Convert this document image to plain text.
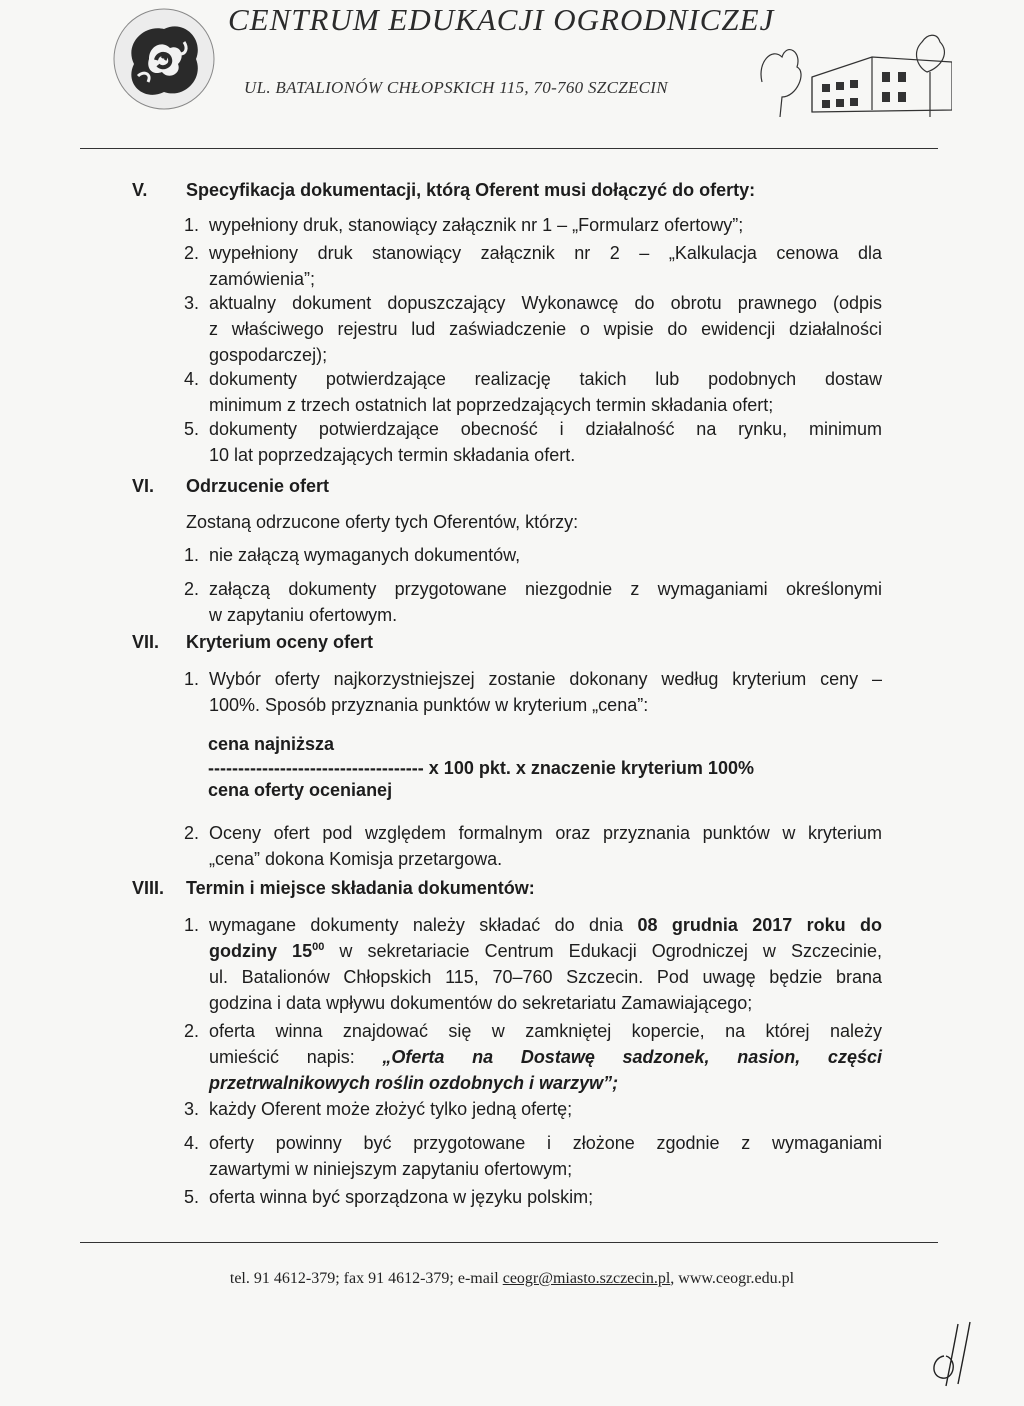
CENTRUM EDUKACJI OGRODNICZEJ
UL. BATALIONÓW CHŁOPSKICH 115, 70-760 SZCZECIN
V. Specyfikacja dokumentacji, którą Oferent musi dołączyć do oferty:
1. wypełniony druk, stanowiący załącznik nr 1 – „Formularz ofertowy”;
2. wypełniony druk stanowiący załącznik nr 2 – „Kalkulacja cenowa dla
zamówienia”;
3. aktualny dokument dopuszczający Wykonawcę do obrotu prawnego (odpis
z właściwego rejestru lud zaświadczenie o wpisie do ewidencji działalności
gospodarczej);
4. dokumenty potwierdzające realizację takich lub podobnych dostaw
minimum z trzech ostatnich lat poprzedzających termin składania ofert;
5. dokumenty potwierdzające obecność i działalność na rynku, minimum
10 lat poprzedzających termin składania ofert.
VI. Odrzucenie ofert
Zostaną odrzucone oferty tych Oferentów, którzy:
1. nie załączą wymaganych dokumentów,
2. załączą dokumenty przygotowane niezgodnie z wymaganiami określonymi
w zapytaniu ofertowym.
VII. Kryterium oceny ofert
1. Wybór oferty najkorzystniejszej zostanie dokonany według kryterium ceny –
100%. Sposób przyznania punktów w kryterium „cena”:
2. Oceny ofert pod względem formalnym oraz przyznania punktów w kryterium
„cena” dokona Komisja przetargowa.
cena najniższa
------------------------------------ x 100 pkt. x znaczenie kryterium 100%
cena oferty ocenianej
VIII. Termin i miejsce składania dokumentów:
1. wymagane dokumenty należy składać do dnia 08 grudnia 2017 roku do
godziny $15^{00}$ w sekretariacie Centrum Edukacji Ogrodniczej w Szczecinie,
ul. Batalionów Chłopskich 115, 70–760 Szczecin. Pod uwagę będzie brana
godzina i data wpływu dokumentów do sekretariatu Zamawiającego;
2. oferta winna znajdować się w zamkniętej kopercie, na której należy
umieścić napis: „Oferta na Dostawę sadzonek, nasion, części
przetrwalnikowych roślin ozdobnych i warzyw”;
3. każdy Oferent może złożyć tylko jedną ofertę;
4. oferty powinny być przygotowane i złożone zgodnie z wymaganiami
zawartymi w niniejszym zapytaniu ofertowym;
5. oferta winna być sporządzona w języku polskim;
tel. 91 4612-379; fax 91 4612-379; e-mail ceogr@miasto.szczecin.pl, www.ceogr.edu.pl
